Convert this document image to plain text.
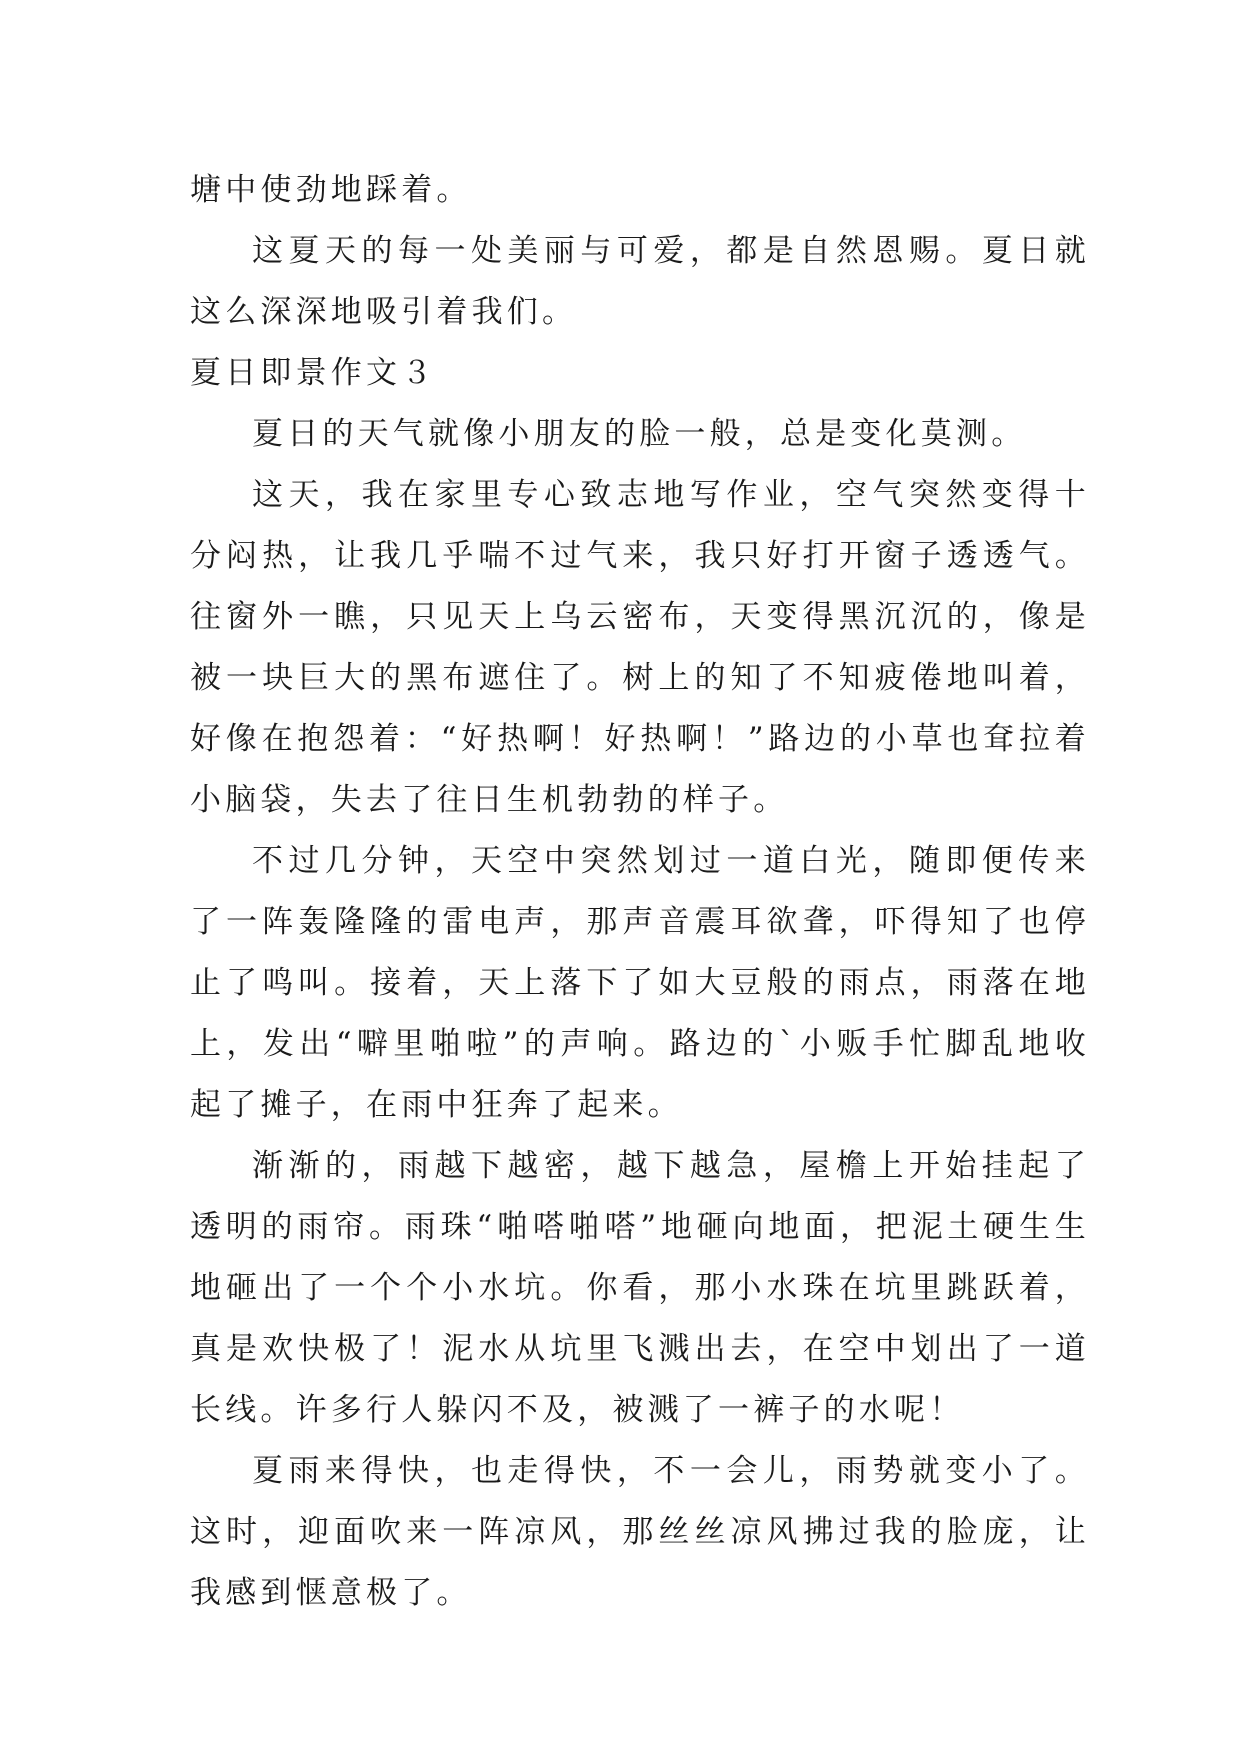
塘中使劲地踩着。

这夏天的每一处美丽与可爱，都是自然恩赐。夏日就这么深深地吸引着我们。

夏日即景作文３

夏日的天气就像小朋友的脸一般，总是变化莫测。

这天，我在家里专心致志地写作业，空气突然变得十分闷热，让我几乎喘不过气来，我只好打开窗子透透气。往窗外一瞧，只见天上乌云密布，天变得黑沉沉的，像是被一块巨大的黑布遮住了。树上的知了不知疲倦地叫着，好像在抱怨着：“好热啊！好热啊！”路边的小草也耷拉着小脑袋，失去了往日生机勃勃的样子。

不过几分钟，天空中突然划过一道白光，随即便传来了一阵轰隆隆的雷电声，那声音震耳欲聋，吓得知了也停止了鸣叫。接着，天上落下了如大豆般的雨点，雨落在地上，发出“噼里啪啦”的声响。路边的`小贩手忙脚乱地收起了摊子，在雨中狂奔了起来。

渐渐的，雨越下越密，越下越急，屋檐上开始挂起了透明的雨帘。雨珠“啪嗒啪嗒”地砸向地面，把泥土硬生生地砸出了一个个小水坑。你看，那小水珠在坑里跳跃着，真是欢快极了！泥水从坑里飞溅出去，在空中划出了一道长线。许多行人躲闪不及，被溅了一裤子的水呢！

夏雨来得快，也走得快，不一会儿，雨势就变小了。这时，迎面吹来一阵凉风，那丝丝凉风拂过我的脸庞，让我感到惬意极了。
